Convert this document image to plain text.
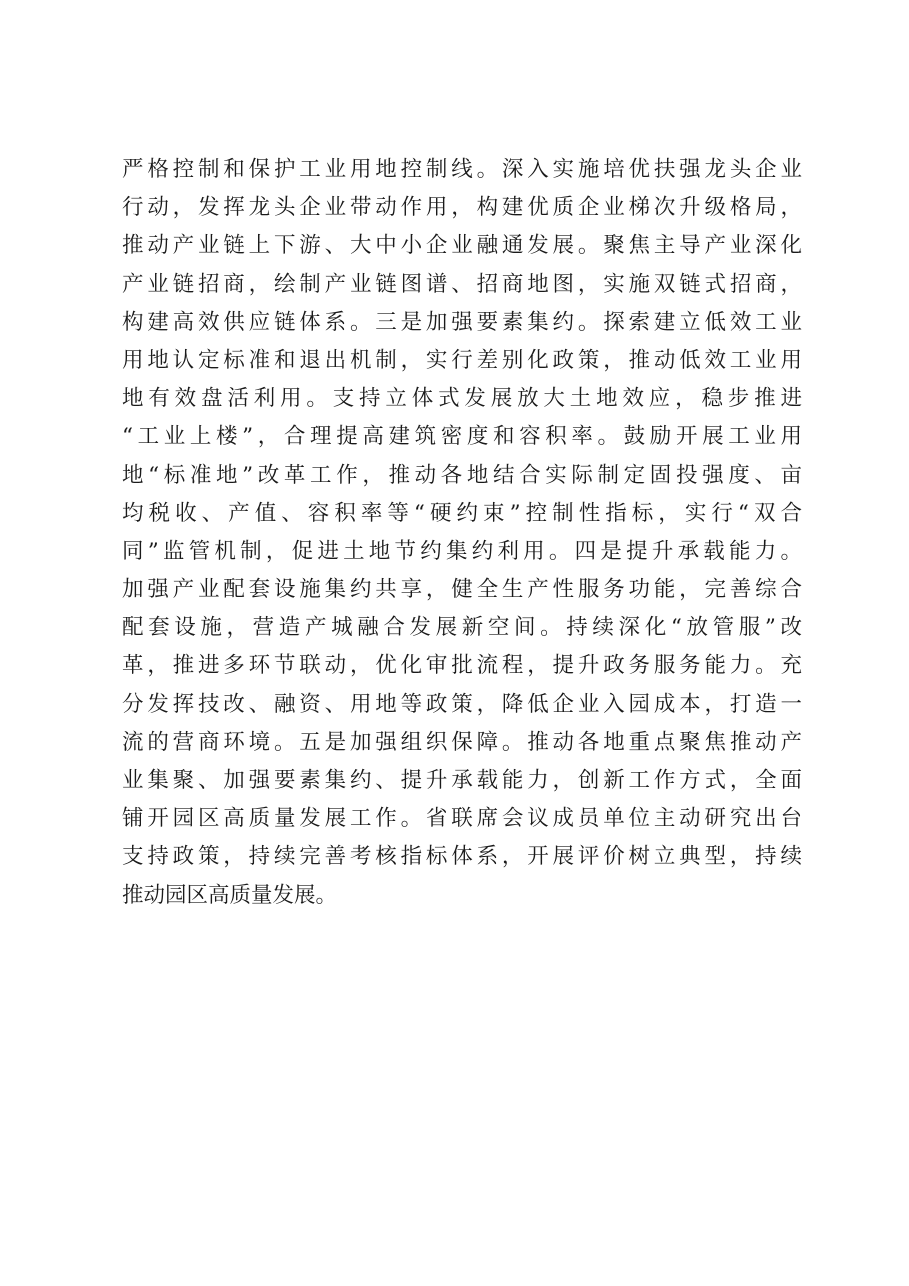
严格控制和保护工业用地控制线。深入实施培优扶强龙头企业
行动，发挥龙头企业带动作用，构建优质企业梯次升级格局，
推动产业链上下游、大中小企业融通发展。聚焦主导产业深化
产业链招商，绘制产业链图谱、招商地图，实施双链式招商，
构建高效供应链体系。三是加强要素集约。探索建立低效工业
用地认定标准和退出机制，实行差别化政策，推动低效工业用
地有效盘活利用。支持立体式发展放大土地效应，稳步推进
“工业上楼”，合理提高建筑密度和容积率。鼓励开展工业用
地“标准地”改革工作，推动各地结合实际制定固投强度、亩
均税收、产值、容积率等“硬约束”控制性指标，实行“双合
同”监管机制，促进土地节约集约利用。四是提升承载能力。
加强产业配套设施集约共享，健全生产性服务功能，完善综合
配套设施，营造产城融合发展新空间。持续深化“放管服”改
革，推进多环节联动，优化审批流程，提升政务服务能力。充
分发挥技改、融资、用地等政策，降低企业入园成本，打造一
流的营商环境。五是加强组织保障。推动各地重点聚焦推动产
业集聚、加强要素集约、提升承载能力，创新工作方式，全面
铺开园区高质量发展工作。省联席会议成员单位主动研究出台
支持政策，持续完善考核指标体系，开展评价树立典型，持续
推动园区高质量发展。
